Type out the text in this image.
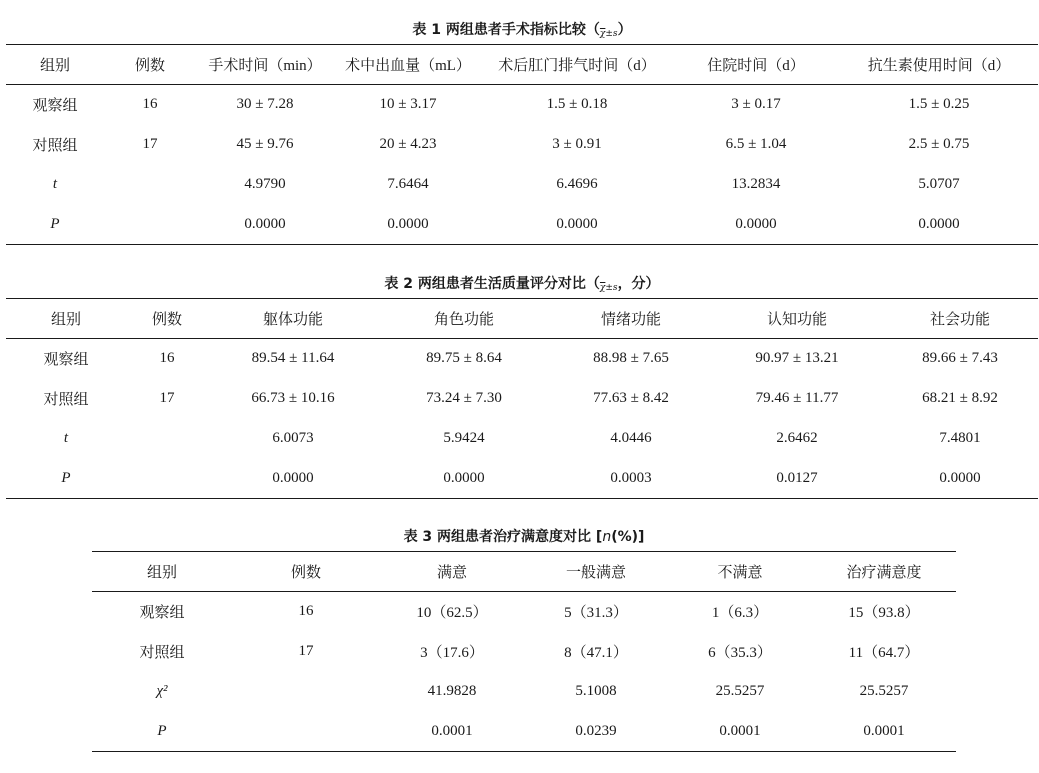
表 1 两组患者手术指标比较$(\overline{\chi}\pm s)$
组别	例数	手术时间（min）	术中出血量（mL）	术后肛门排气时间（d）	住院时间（d）	抗生素使用时间（d）
观察组	16	30 ± 7.28	10 ± 3.17	1.5 ± 0.18	3 ± 0.17	1.5 ± 0.25
对照组	17	45 ± 9.76	20 ± 4.23	3 ± 0.91	6.5 ± 1.04	2.5 ± 0.75
t		4.9790	7.6464	6.4696	13.2834	5.0707
P		0.0000	0.0000	0.0000	0.0000	0.0000
表 2 两组患者生活质量评分对比（$\overline{\chi}\pm s$，分）
组别	例数	躯体功能	角色功能	情绪功能	认知功能	社会功能
观察组	16	89.54 ± 11.64	89.75 ± 8.64	88.98 ± 7.65	90.97 ± 13.21	89.66 ± 7.43
对照组	17	66.73 ± 10.16	73.24 ± 7.30	77.63 ± 8.42	79.46 ± 11.77	68.21 ± 8.92
t		6.0073	5.9424	4.0446	2.6462	7.4801
P		0.0000	0.0000	0.0003	0.0127	0.0000
表 3 两组患者治疗满意度对比 [n(%)]
组别	例数	满意	一般满意	不满意	治疗满意度
观察组	16	10（62.5）	5（31.3）	1（6.3）	15（93.8）
对照组	17	3（17.6）	8（47.1）	6（35.3）	11（64.7）
χ²		41.9828	5.1008	25.5257	25.5257
P		0.0001	0.0239	0.0001	0.0001
